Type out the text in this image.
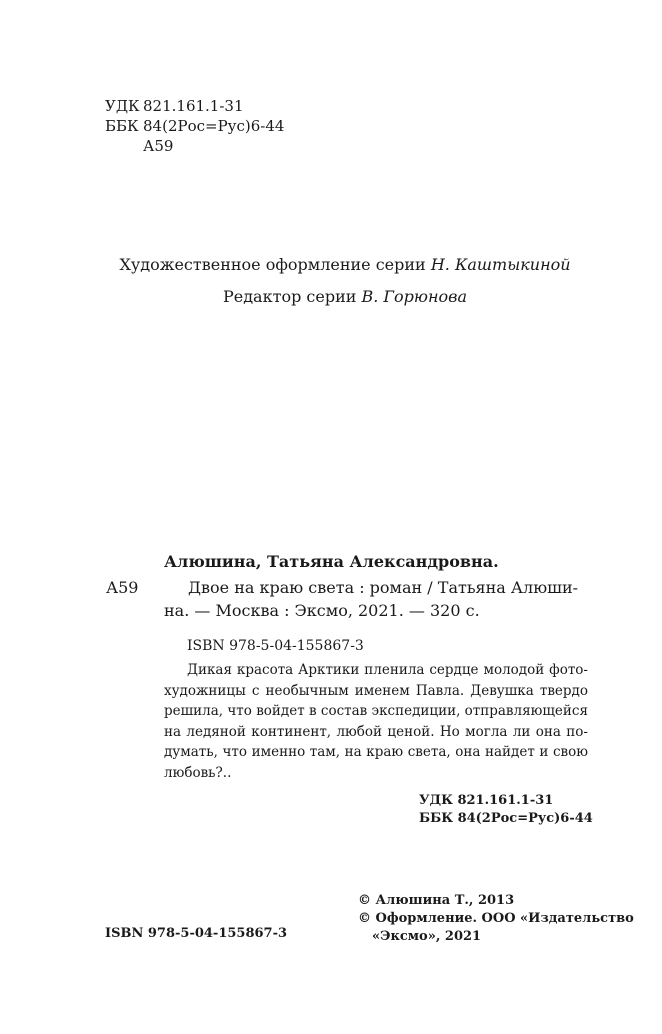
УДК 821.161.1-31
ББК 84(2Рос=Рус)6-44
А59
Художественное оформление серии Н. Каштыкиной
Редактор серии В. Горюнова
Алюшина, Татьяна Александровна.
А59	Двое на краю света : роман / Татьяна Алюши-
на. — Москва : Эксмо, 2021. — 320 с.
ISBN 978-5-04-155867-3
Дикая красота Арктики пленила сердце молодой фото-
художницы с необычным именем Павла. Девушка твердо
решила, что войдет в состав экспедиции, отправляющейся
на ледяной континент, любой ценой. Но могла ли она по-
думать, что именно там, на краю света, она найдет и свою
любовь?..
УДК 821.161.1-31
ББК 84(2Рос=Рус)6-44
© Алюшина Т., 2013
© Оформление. ООО «Издательство
«Эксмо», 2021
ISBN 978-5-04-155867-3
